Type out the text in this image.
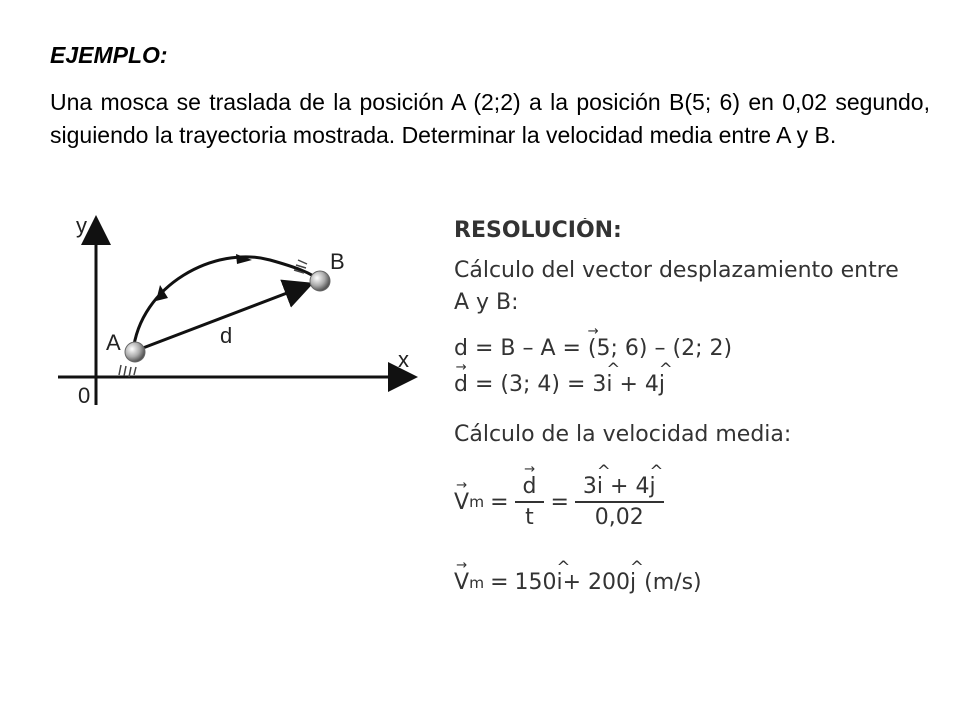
EJEMPLO:
Una mosca se traslada de la posición A (2;2) a la posición B(5; 6) en 0,02 segundo, siguiendo la trayectoria mostrada. Determinar la velocidad media entre A y B.
y
x
0
d
A
B
RESOLUCIÓN:
Cálculo del vector desplazamiento entre
A y B:
→ d = B – A = (5; 6) – (2; 2)
→ d = (3; 4) = 3^ i + 4^ j
Cálculo de la velocidad media:
→ V m = → $\frac{d}{t} = \frac{3\^{} i + 4\^{} j}{0,02}$
→ V m = 150 ^ i + 200 ^ j (m/s)
